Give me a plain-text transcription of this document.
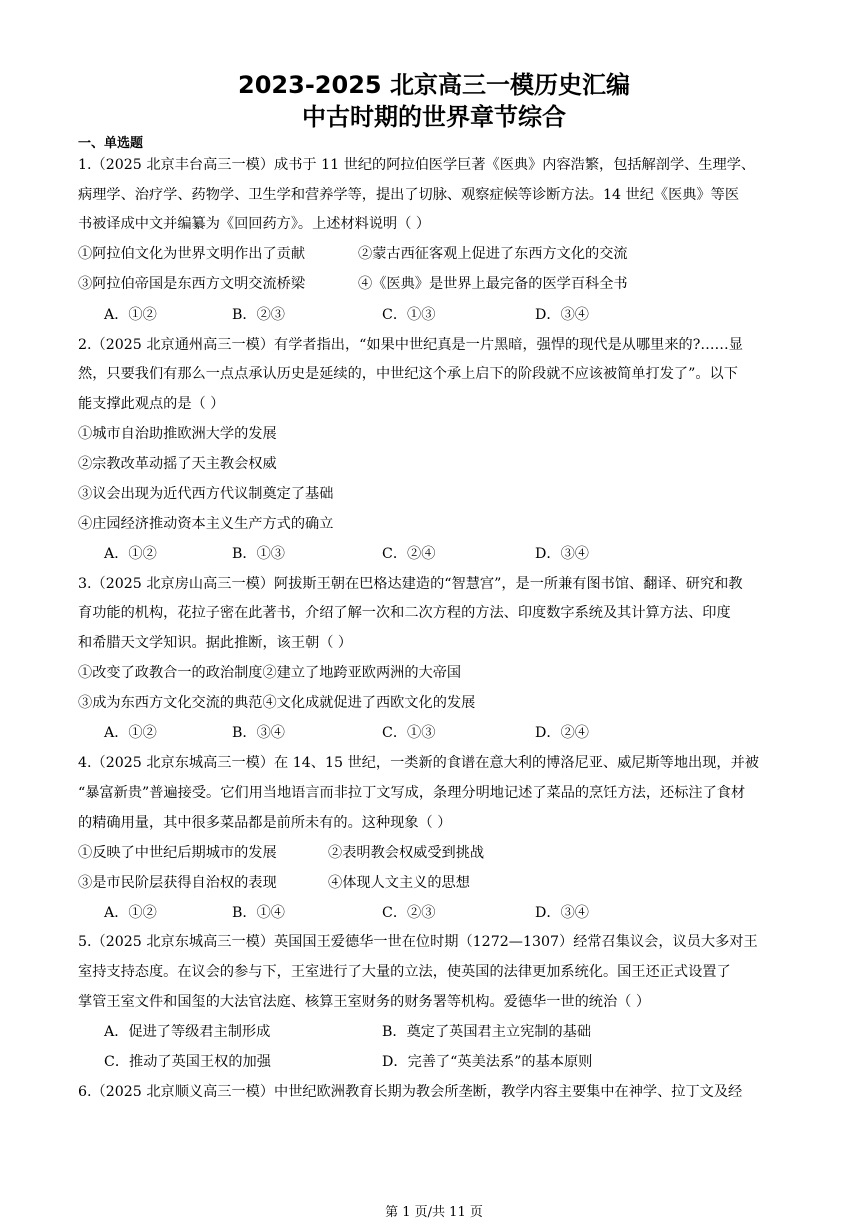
2023-2025 北京高三一模历史汇编
中古时期的世界章节综合
一、单选题
1.（2025 北京丰台高三一模）成书于 11 世纪的阿拉伯医学巨著《医典》内容浩繁，包括解剖学、生理学、
病理学、治疗学、药物学、卫生学和营养学等，提出了切脉、观察症候等诊断方法。14 世纪《医典》等医
书被译成中文并编纂为《回回药方》。上述材料说明（ ）
①阿拉伯文化为世界文明作出了贡献	②蒙古西征客观上促进了东西方文化的交流
③阿拉伯帝国是东西方文明交流桥梁	④《医典》是世界上最完备的医学百科全书
A．①②	B．②③	C．①③	D．③④
2.（2025 北京通州高三一模）有学者指出，“如果中世纪真是一片黑暗，强悍的现代是从哪里来的?……显
然，只要我们有那么一点点承认历史是延续的，中世纪这个承上启下的阶段就不应该被简单打发了”。以下
能支撑此观点的是（ ）
①城市自治助推欧洲大学的发展
②宗教改革动摇了天主教会权威
③议会出现为近代西方代议制奠定了基础
④庄园经济推动资本主义生产方式的确立
A．①②	B．①③	C．②④	D．③④
3.（2025 北京房山高三一模）阿拔斯王朝在巴格达建造的“智慧宫”，是一所兼有图书馆、翻译、研究和教
育功能的机构，花拉子密在此著书，介绍了解一次和二次方程的方法、印度数字系统及其计算方法、印度
和希腊天文学知识。据此推断，该王朝（ ）
①改变了政教合一的政治制度②建立了地跨亚欧两洲的大帝国
③成为东西方文化交流的典范④文化成就促进了西欧文化的发展
A．①②	B．③④	C．①③	D．②④
4.（2025 北京东城高三一模）在 14、15 世纪，一类新的食谱在意大利的博洛尼亚、威尼斯等地出现，并被
“暴富新贵”普遍接受。它们用当地语言而非拉丁文写成，条理分明地记述了菜品的烹饪方法，还标注了食材
的精确用量，其中很多菜品都是前所未有的。这种现象（ ）
①反映了中世纪后期城市的发展	②表明教会权威受到挑战
③是市民阶层获得自治权的表现	④体现人文主义的思想
A．①②	B．①④	C．②③	D．③④
5.（2025 北京东城高三一模）英国国王爱德华一世在位时期（1272—1307）经常召集议会，议员大多对王
室持支持态度。在议会的参与下，王室进行了大量的立法，使英国的法律更加系统化。国王还正式设置了
掌管王室文件和国玺的大法官法庭、核算王室财务的财务署等机构。爱德华一世的统治（ ）
A．促进了等级君主制形成	B．奠定了英国君主立宪制的基础
C．推动了英国王权的加强	D．完善了“英美法系”的基本原则
6.（2025 北京顺义高三一模）中世纪欧洲教育长期为教会所垄断，教学内容主要集中在神学、拉丁文及经
第 1 页/共 11 页
